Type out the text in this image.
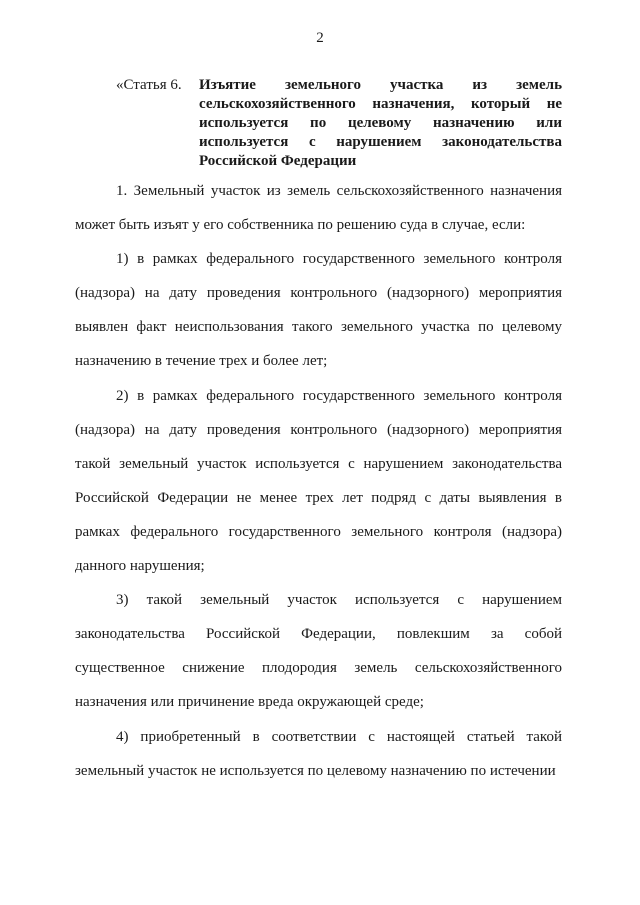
2
«Статья 6.	Изъятие земельного участка из земель сельскохозяйственного назначения, который не используется по целевому назначению или используется с нарушением законодательства Российской Федерации

1. Земельный участок из земель сельскохозяйственного назначения может быть изъят у его собственника по решению суда в случае, если:

1) в рамках федерального государственного земельного контроля (надзора) на дату проведения контрольного (надзорного) мероприятия выявлен факт неиспользования такого земельного участка по целевому назначению в течение трех и более лет;

2) в рамках федерального государственного земельного контроля (надзора) на дату проведения контрольного (надзорного) мероприятия такой земельный участок используется с нарушением законодательства Российской Федерации не менее трех лет подряд с даты выявления в рамках федерального государственного земельного контроля (надзора) данного нарушения;

3) такой земельный участок используется с нарушением законодательства Российской Федерации, повлекшим за собой существенное снижение плодородия земель сельскохозяйственного назначения или причинение вреда окружающей среде;

4) приобретенный в соответствии с настоящей статьей такой земельный участок не используется по целевому назначению по истечении
